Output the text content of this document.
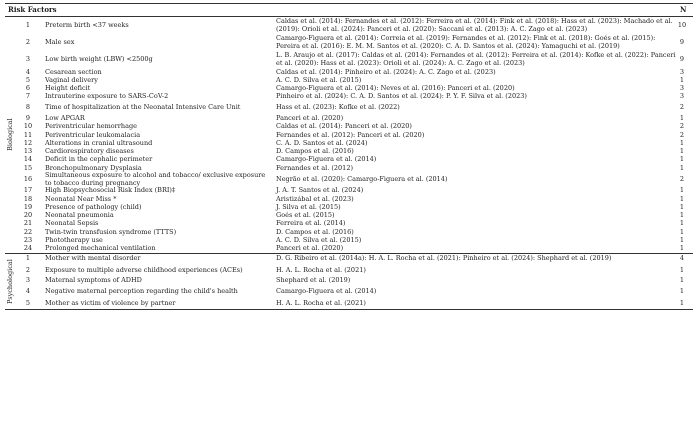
Risk Factors	N
Biological
1	Preterm birth <37 weeks	Caldas et al. (2014): Fernandes et al. (2012): Ferreira et al. (2014): Fink et al. (2018): Hass et al. (2023): Machado et al. (2019): Orioli et al. (2024): Panceri et al. (2020): Saccani et al. (2013): A. C. Zago et al. (2023)	10
2	Male sex	Camargo-Figuera et al. (2014): Correia et al. (2019): Fernandes et al. (2012): Fink et al. (2018): Goés et al. (2015): Pereira et al. (2016): E. M. M. Santos et al. (2020): C. A. D. Santos et al. (2024): Yamaguchi et al. (2019)	9
3	Low birth weight (LBW) <2500g	L. B. Araujo et al. (2017): Caldas et al. (2014): Fernandes et al. (2012): Ferreira et al. (2014): Kofke et al. (2022): Panceri et al. (2020): Hass et al. (2023): Orioli et al. (2024): A. C. Zago et al. (2023)	9
4	Cesarean section	Caldas et al. (2014): Pinheiro et al. (2024): A. C. Zago et al. (2023)	3
5	Vaginal delivery	A. C. D. Silva et al. (2015)	1
6	Height deficit	Camargo-Figuera et al. (2014): Neves et al. (2016): Panceri et al. (2020)	3
7	Intrauterine exposure to SARS-CoV-2	Pinheiro et al. (2024): C. A. D. Santos et al. (2024): P. Y. F. Silva et al. (2023)	3
8	Time of hospitalization at the Neonatal Intensive Care Unit	Hass et al. (2023): Kofke et al. (2022)	2
9	Low APGAR	Panceri et al. (2020)	1
10 Periventricular hemorrhage	Caldas et al. (2014): Panceri et al. (2020)	2
11 Periventricular leukomalacia	Fernandes et al. (2012): Panceri et al. (2020)	2
12 Alterations in cranial ultrasound	C. A. D. Santos et al. (2024)	1
13 Cardiorespiratory diseases	D. Campos et al. (2016)	1
14 Deficit in the cephalic perimeter	Camargo-Figuera et al. (2014)	1
15 Bronchopulmonary Dysplasia	Fernandes et al. (2012)	1
16 Simultaneous exposure to alcohol and tobacco/ exclusive exposure to tobacco during pregnancy	Negrão et al. (2020): Camargo-Figuera et al. (2014)	2
17 High Biopsychosocial Risk Index (BRI)‡	J. A. T. Santos et al. (2024)	1
18 Neonatal Near Miss *	Aristizábal et al. (2023)	1
19 Presence of pathology (child)	J. Silva et al. (2015)	1
20 Neonatal pneumonia	Goés et al. (2015)	1
21 Neonatal Sepsis	Ferreira et al. (2014)	1
22 Twin-twin transfusion syndrome (TTTS)	D. Campos et al. (2016)	1
23 Phototherapy use	A. C. D. Silva et al. (2015)	1
24 Prolonged mechanical ventilation	Panceri et al. (2020)	1
Psychological
1	Mother with mental disorder	D. G. Ribeiro et al. (2014a): H. A. L. Rocha et al. (2021): Pinheiro et al. (2024): Shephard et al. (2019)	4
2	Exposure to multiple adverse childhood experiences (ACEs)	H. A. L. Rocha et al. (2021)	1
3	Maternal symptoms of ADHD	Shephard et al. (2019)	1
4	Negative maternal perception regarding the child's health	Camargo-Figuera et al. (2014)	1
5	Mother as victim of violence by partner	H. A. L. Rocha et al. (2021)	1
